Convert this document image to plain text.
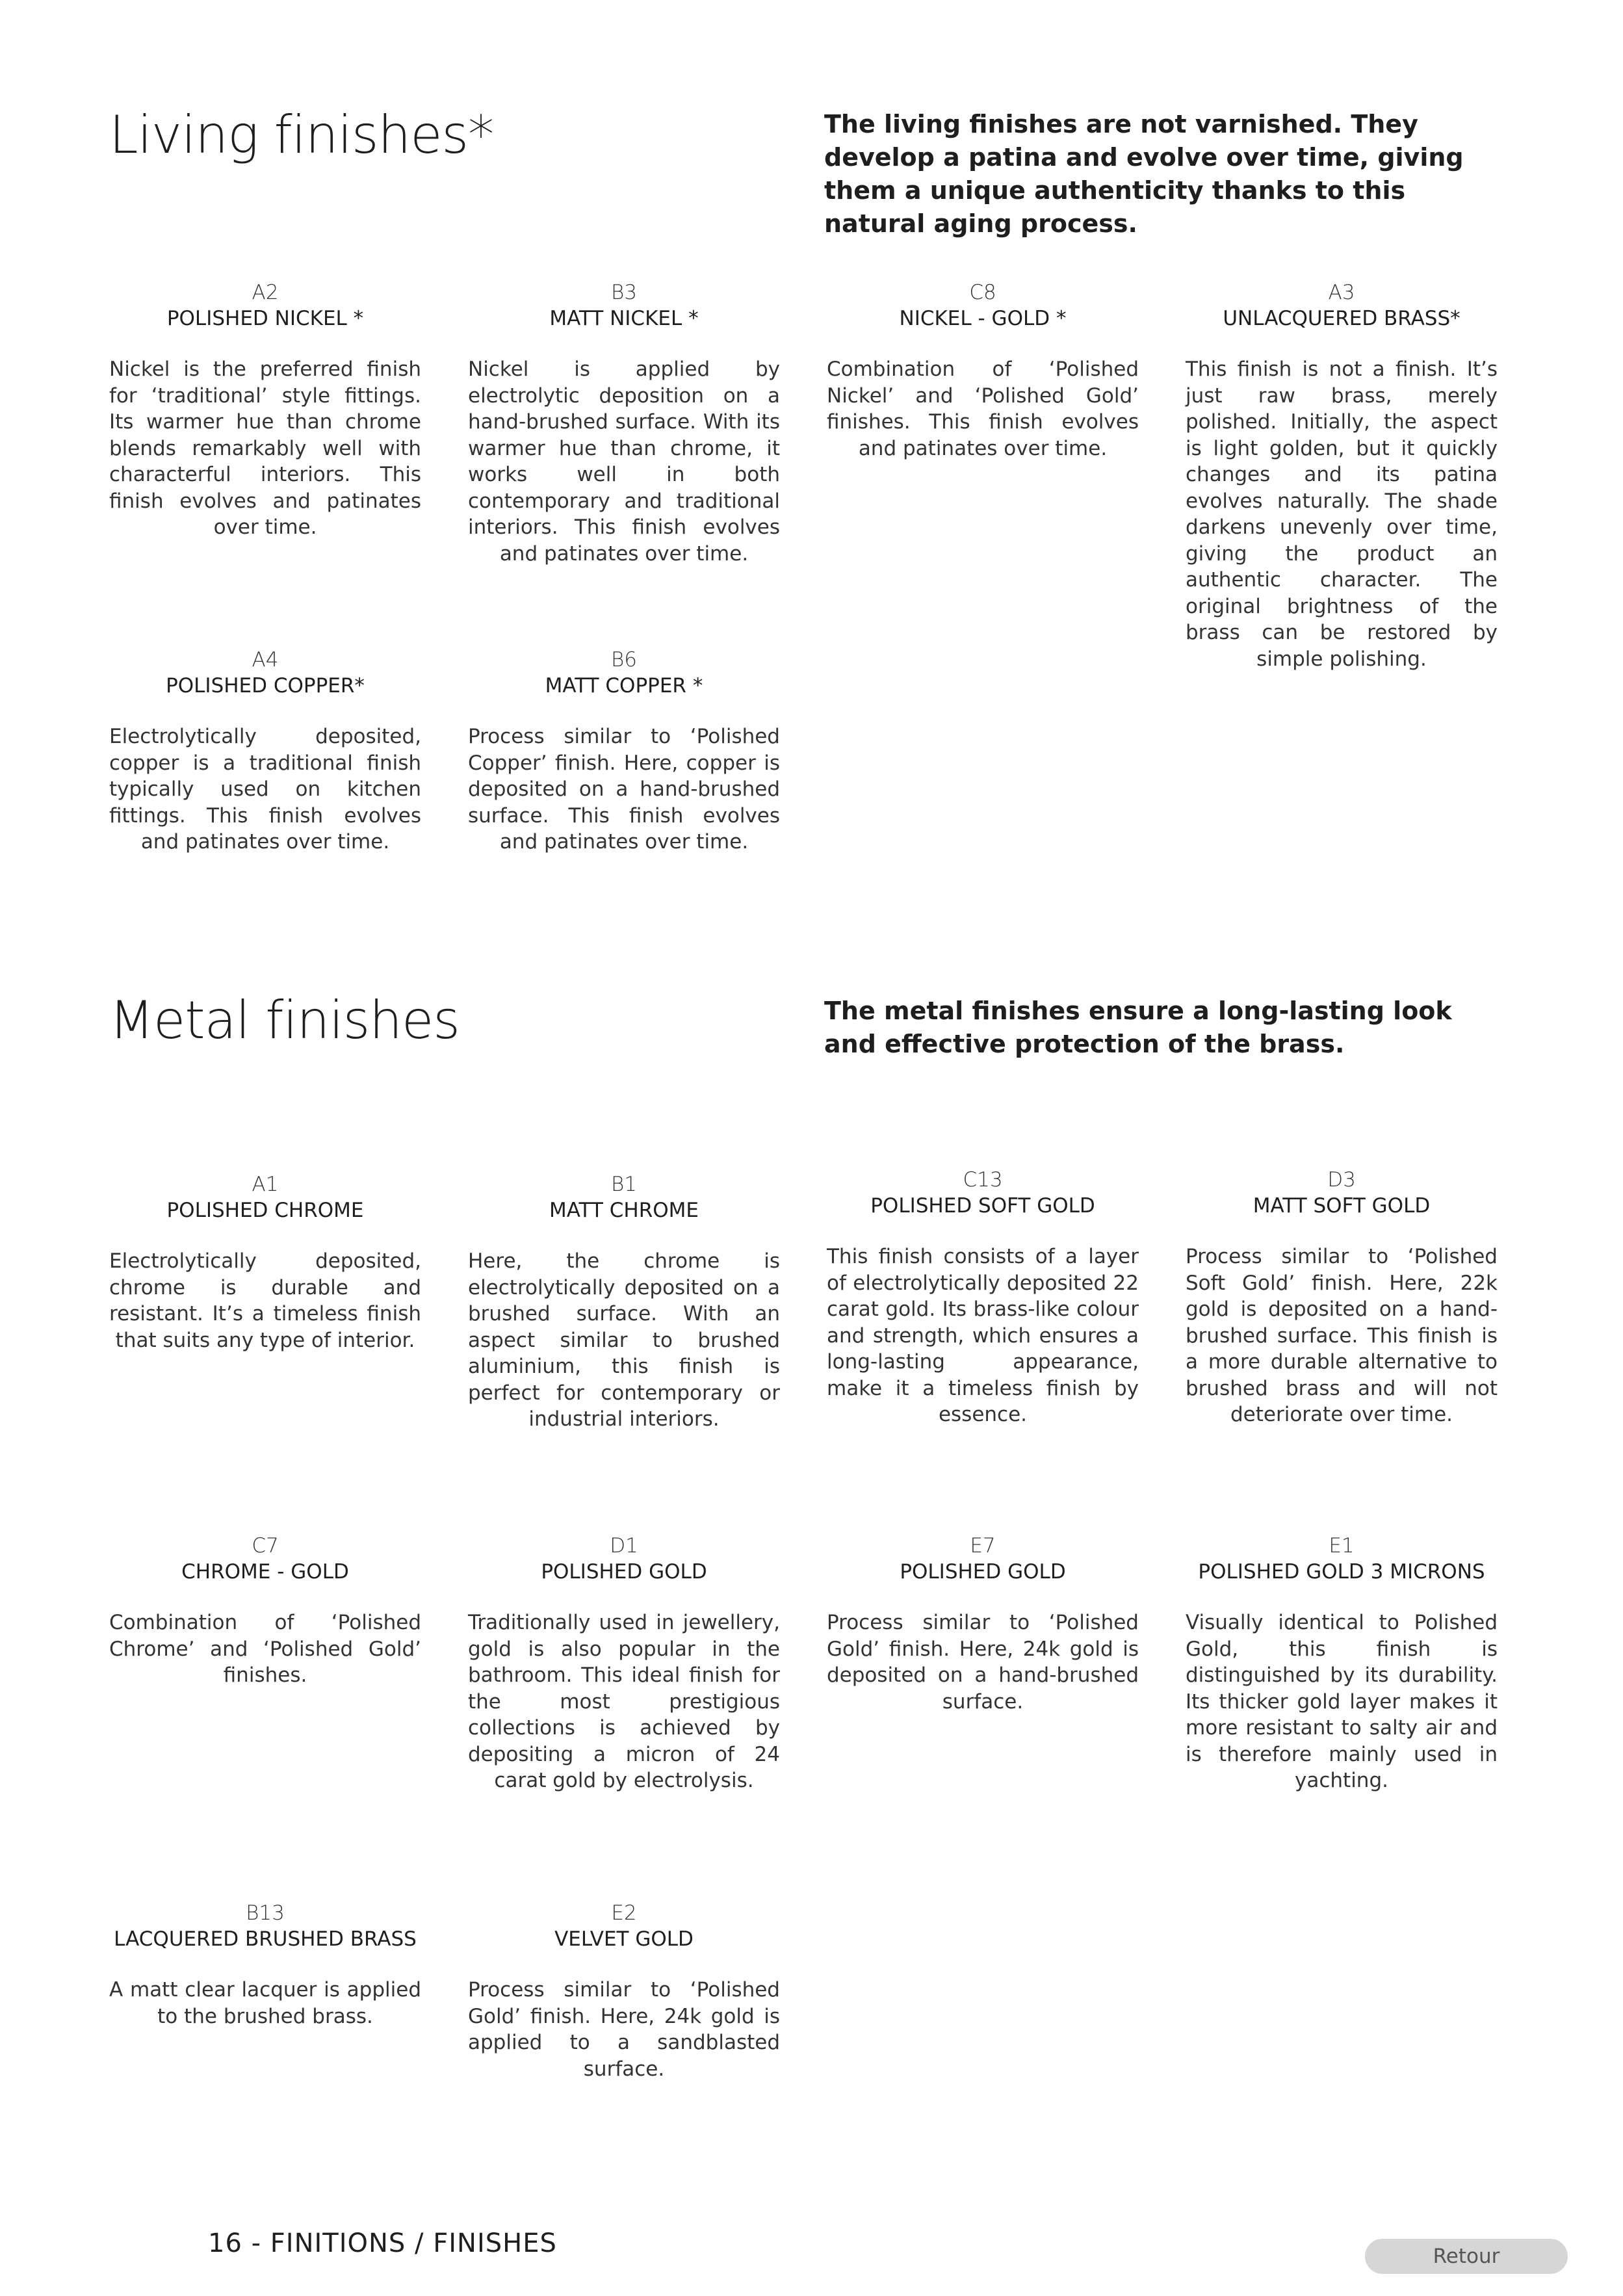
Living finishes*	The living finishes are not varnished. They develop a patina and evolve over time, giving them a unique authenticity thanks to this natural aging process.

A2
POLISHED NICKEL *
Nickel is the preferred finish for ‘traditional’ style fittings. Its warmer hue than chrome blends remarkably well with characterful interiors. This finish evolves and patinates over time.
B3
MATT NICKEL *
Nickel is applied by electrolytic deposition on a hand-brushed surface. With its warmer hue than chrome, it works well in both contemporary and traditional interiors. This finish evolves and patinates over time.
C8
NICKEL - GOLD *
Combination of ‘Polished Nickel’ and ‘Polished Gold’ finishes. This finish evolves and patinates over time.
A3
UNLACQUERED BRASS*
This finish is not a finish. It’s just raw brass, merely polished. Initially, the aspect is light golden, but it quickly changes and its patina evolves naturally. The shade darkens unevenly over time, giving the product an authentic character. The original brightness of the brass can be restored by simple polishing.
A4
POLISHED COPPER*
Electrolytically deposited, copper is a traditional finish typically used on kitchen fittings. This finish evolves and patinates over time.
B6
MATT COPPER *
Process similar to ‘Polished Copper’ finish. Here, copper is deposited on a hand-brushed surface. This finish evolves and patinates over time.
Metal finishes	The metal finishes ensure a long-lasting look and effective protection of the brass.

A1
POLISHED CHROME
Electrolytically deposited, chrome is durable and resistant. It’s a timeless finish that suits any type of interior.
B1
MATT CHROME
Here, the chrome is electrolytically deposited on a brushed surface. With an aspect similar to brushed aluminium, this finish is perfect for contemporary or industrial interiors.
C13
POLISHED SOFT GOLD
This finish consists of a layer of electrolytically deposited 22 carat gold. Its brass-like colour and strength, which ensures a long-lasting appearance, make it a timeless finish by essence.
D3
MATT SOFT GOLD
Process similar to ‘Polished Soft Gold’ finish. Here, 22k gold is deposited on a hand-brushed surface. This finish is a more durable alternative to brushed brass and will not deteriorate over time.
C7
CHROME - GOLD
Combination of ‘Polished Chrome’ and ‘Polished Gold’ finishes.
D1
POLISHED GOLD
Traditionally used in jewellery, gold is also popular in the bathroom. This ideal finish for the most prestigious collections is achieved by depositing a micron of 24 carat gold by electrolysis.
E7
POLISHED GOLD
Process similar to ‘Polished Gold’ finish. Here, 24k gold is deposited on a hand-brushed surface.
E1
POLISHED GOLD 3 MICRONS
Visually identical to Polished Gold, this finish is distinguished by its durability. Its thicker gold layer makes it more resistant to salty air and is therefore mainly used in yachting.
B13
LACQUERED BRUSHED BRASS
A matt clear lacquer is applied to the brushed brass.
E2
VELVET GOLD
Process similar to ‘Polished Gold’ finish. Here, 24k gold is applied to a sandblasted surface.
16 - FINITIONS / FINISHES	Retour
